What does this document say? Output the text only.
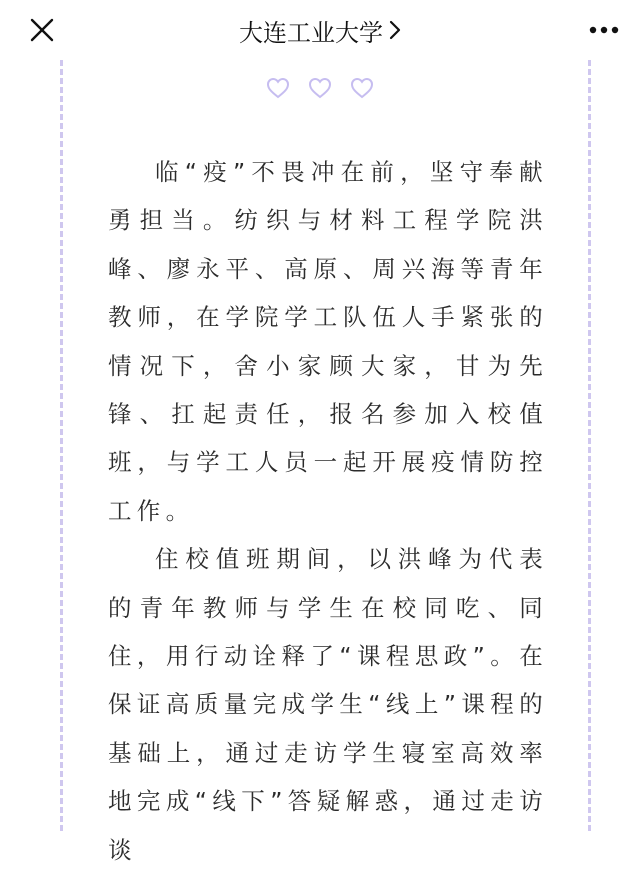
大连工业大学

临“疫”不畏冲在前，坚守奉献勇担当。纺织与材料工程学院洪峰、廖永平、高原、周兴海等青年教师，在学院学工队伍人手紧张的情况下，舍小家顾大家，甘为先锋、扛起责任，报名参加入校值班，与学工人员一起开展疫情防控工作。

住校值班期间，以洪峰为代表的青年教师与学生在校同吃、同住，用行动诠释了“课程思政”。在保证高质量完成学生“线上”课程的基础上，通过走访学生寝室高效率地完成“线下”答疑解惑，通过走访谈
